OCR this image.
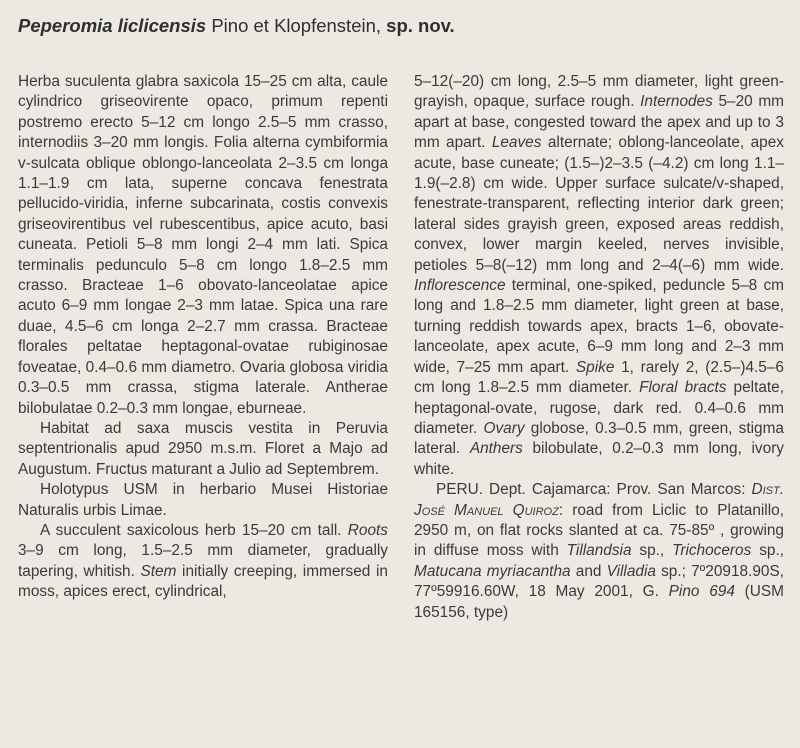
Peperomia liclicensis Pino et Klopfenstein, sp. nov.

Herba suculenta glabra saxicola 15–25 cm alta, caule cylindrico griseovirente opaco, primum repenti postremo erecto 5–12 cm longo 2.5–5 mm crasso, internodiis 3–20 mm longis. Folia alterna cymbiformia v-sulcata oblique oblongo-lanceolata 2–3.5 cm longa 1.1–1.9 cm lata, superne concava fenestrata pellucido-viridia, inferne subcarinata, costis convexis griseovirentibus vel rubescentibus, apice acuto, basi cuneata. Petioli 5–8 mm longi 2–4 mm lati. Spica terminalis pedunculo 5–8 cm longo 1.8–2.5 mm crasso. Bracteae 1–6 obovato-lanceolatae apice acuto 6–9 mm longae 2–3 mm latae. Spica una rare duae, 4.5–6 cm longa 2–2.7 mm crassa. Bracteae florales peltatae heptagonal-ovatae rubiginosae foveatae, 0.4–0.6 mm diametro. Ovaria globosa viridia 0.3–0.5 mm crassa, stigma laterale. Antherae bilobulatae 0.2–0.3 mm longae, eburneae.

Habitat ad saxa muscis vestita in Peruvia septentrionalis apud 2950 m.s.m. Floret a Majo ad Augustum. Fructus maturant a Julio ad Septembrem.

Holotypus USM in herbario Musei Historiae Naturalis urbis Limae.

A succulent saxicolous herb 15–20 cm tall. Roots 3–9 cm long, 1.5–2.5 mm diameter, gradually tapering, whitish. Stem initially creeping, immersed in moss, apices erect, cylindrical,

5–12(–20) cm long, 2.5–5 mm diameter, light green-grayish, opaque, surface rough. Internodes 5–20 mm apart at base, congested toward the apex and up to 3 mm apart. Leaves alternate; oblong-lanceolate, apex acute, base cuneate; (1.5–)2–3.5 (–4.2) cm long 1.1–1.9(–2.8) cm wide. Upper surface sulcate/v-shaped, fenestrate-transparent, reflecting interior dark green; lateral sides grayish green, exposed areas reddish, convex, lower margin keeled, nerves invisible, petioles 5–8(–12) mm long and 2–4(–6) mm wide. Inflorescence terminal, one-spiked, peduncle 5–8 cm long and 1.8–2.5 mm diameter, light green at base, turning reddish towards apex, bracts 1–6, obovate-lanceolate, apex acute, 6–9 mm long and 2–3 mm wide, 7–25 mm apart. Spike 1, rarely 2, (2.5–)4.5–6 cm long 1.8–2.5 mm diameter. Floral bracts peltate, heptagonal-ovate, rugose, dark red. 0.4–0.6 mm diameter. Ovary globose, 0.3–0.5 mm, green, stigma lateral. Anthers bilobulate, 0.2–0.3 mm long, ivory white.

PERU. Dept. Cajamarca: Prov. San Marcos: Dist. José Manuel Quiroz: road from Liclic to Platanillo, 2950 m, on flat rocks slanted at ca. 75-85º , growing in diffuse moss with Tillandsia sp., Trichoceros sp., Matucana myriacantha and Villadia sp.; 7º20918.90S, 77º59916.60W, 18 May 2001, G. Pino 694 (USM 165156, type)
